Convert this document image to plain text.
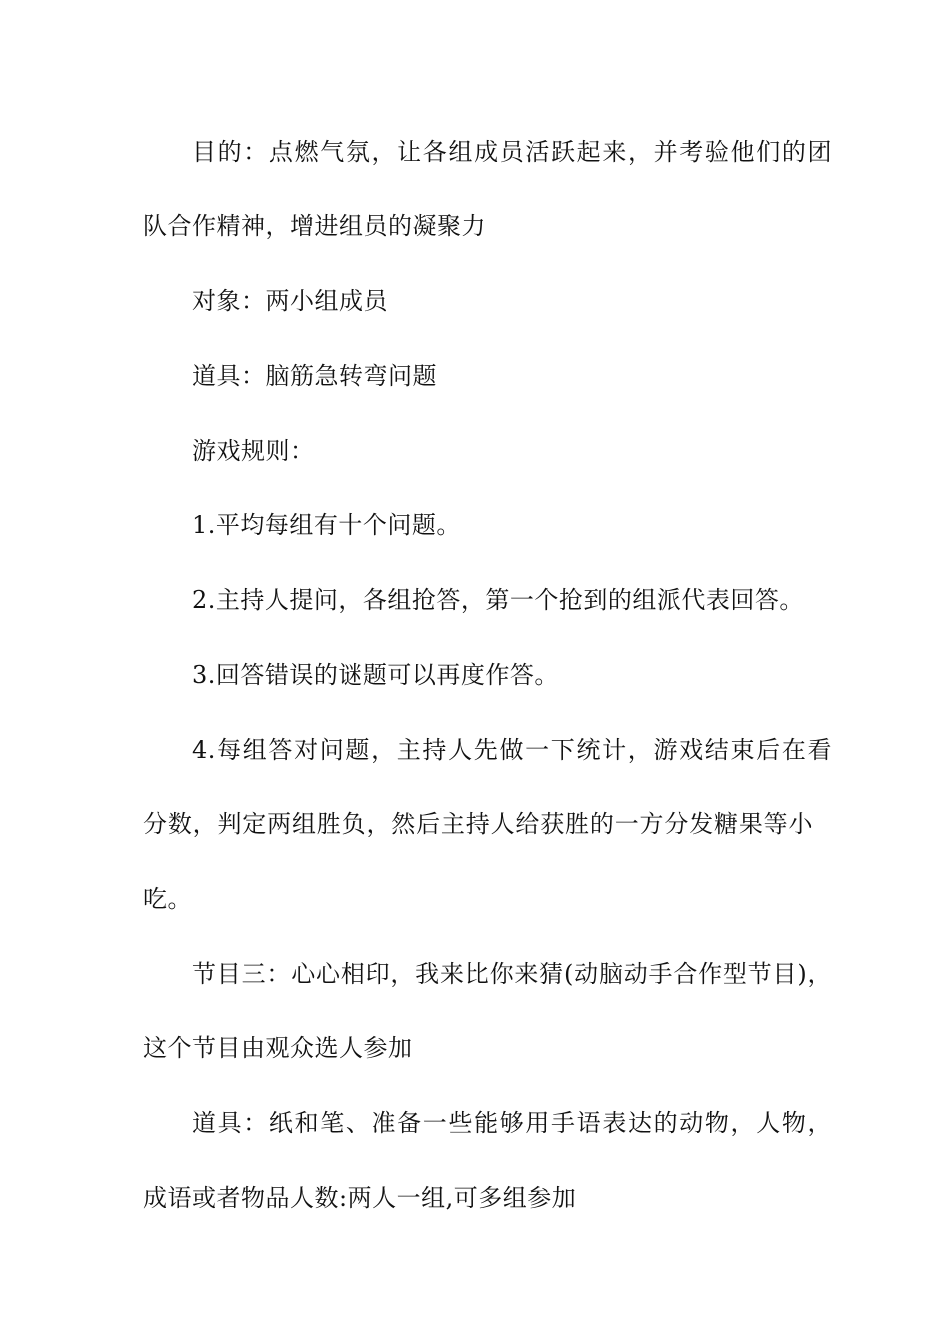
目的：点燃气氛，让各组成员活跃起来，并考验他们的团
队合作精神，增进组员的凝聚力
对象：两小组成员
道具：脑筋急转弯问题
游戏规则：
1.平均每组有十个问题。
2.主持人提问，各组抢答，第一个抢到的组派代表回答。
3.回答错误的谜题可以再度作答。
4.每组答对问题，主持人先做一下统计，游戏结束后在看
分数，判定两组胜负，然后主持人给获胜的一方分发糖果等小
吃。
节目三：心心相印，我来比你来猜(动脑动手合作型节目)，
这个节目由观众选人参加
道具：纸和笔、准备一些能够用手语表达的动物，人物，
成语或者物品人数:两人一组,可多组参加
